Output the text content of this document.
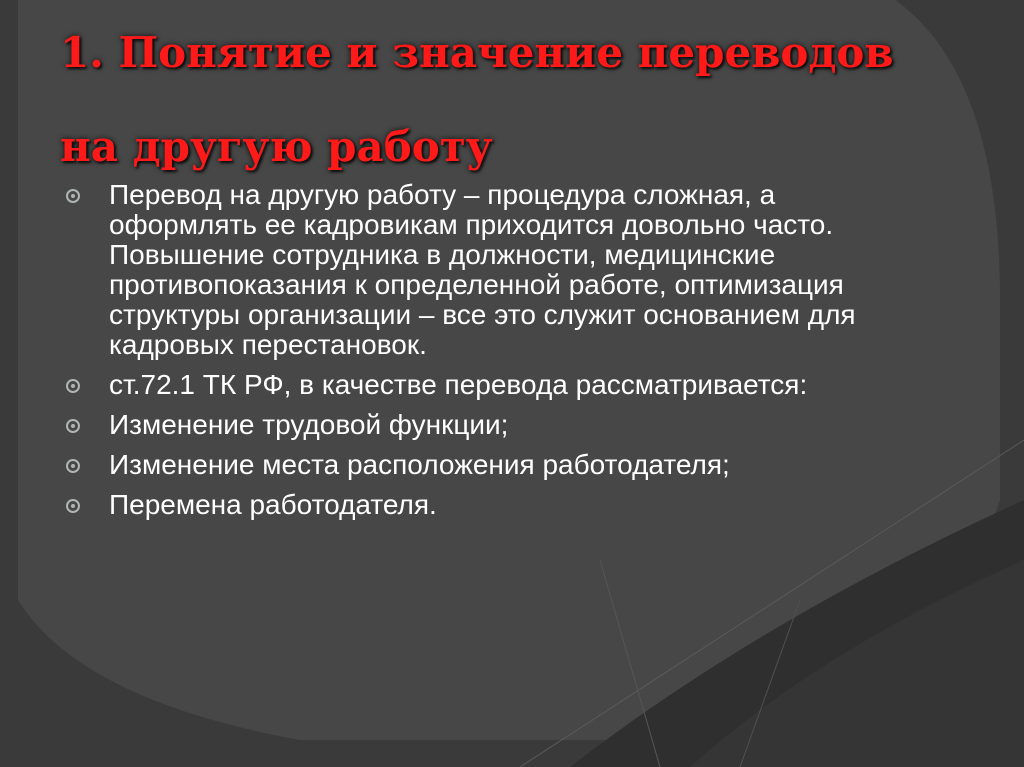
1. Понятие и значение переводов
на другую работу
Перевод на другую работу – процедура сложная, а оформлять ее кадровикам приходится довольно часто. Повышение сотрудника в должности, медицинские противопоказания к определенной работе, оптимизация структуры организации – все это служит основанием для кадровых перестановок.
ст.72.1 ТК РФ, в качестве перевода рассматривается:
Изменение трудовой функции;
Изменение места расположения работодателя;
Перемена работодателя.
